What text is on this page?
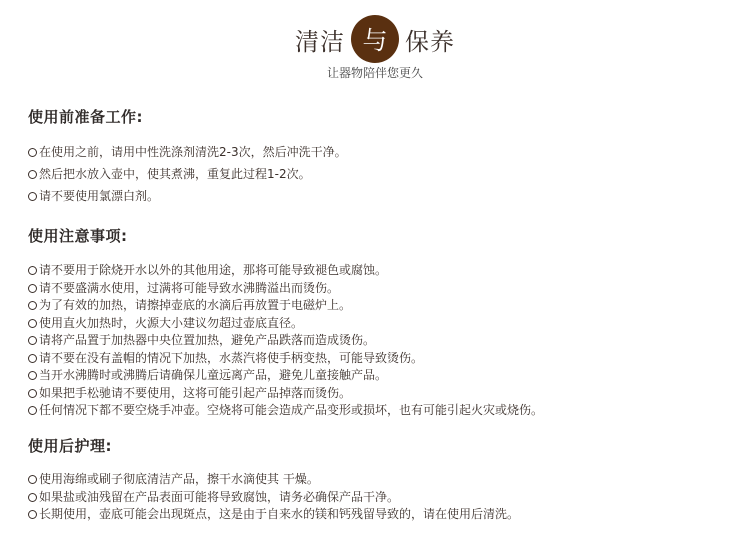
清洁 与 保养
让器物陪伴您更久
使用前准备工作:
在使用之前，请用中性洗涤剂清洗2-3次，然后冲洗干净。
然后把水放入壶中，使其煮沸，重复此过程1-2次。
请不要使用氯漂白剂。
使用注意事项:
请不要用于除烧开水以外的其他用途，那将可能导致褪色或腐蚀。
请不要盛满水使用，过满将可能导致水沸腾溢出而烫伤。
为了有效的加热，请擦掉壶底的水滴后再放置于电磁炉上。
使用直火加热时，火源大小建议勿超过壶底直径。
请将产品置于加热器中央位置加热，避免产品跌落而造成烫伤。
请不要在没有盖帽的情况下加热，水蒸汽将使手柄变热，可能导致烫伤。
当开水沸腾时或沸腾后请确保儿童远离产品，避免儿童接触产品。
如果把手松驰请不要使用，这将可能引起产品掉落而烫伤。
任何情况下都不要空烧手冲壶。空烧将可能会造成产品变形或损坏，也有可能引起火灾或烧伤。
使用后护理:
使用海绵或刷子彻底清洁产品，擦干水滴使其 干燥。
如果盐或油残留在产品表面可能将导致腐蚀，请务必确保产品干净。
长期使用，壶底可能会出现斑点，这是由于自来水的镁和钙残留导致的，请在使用后清洗。
